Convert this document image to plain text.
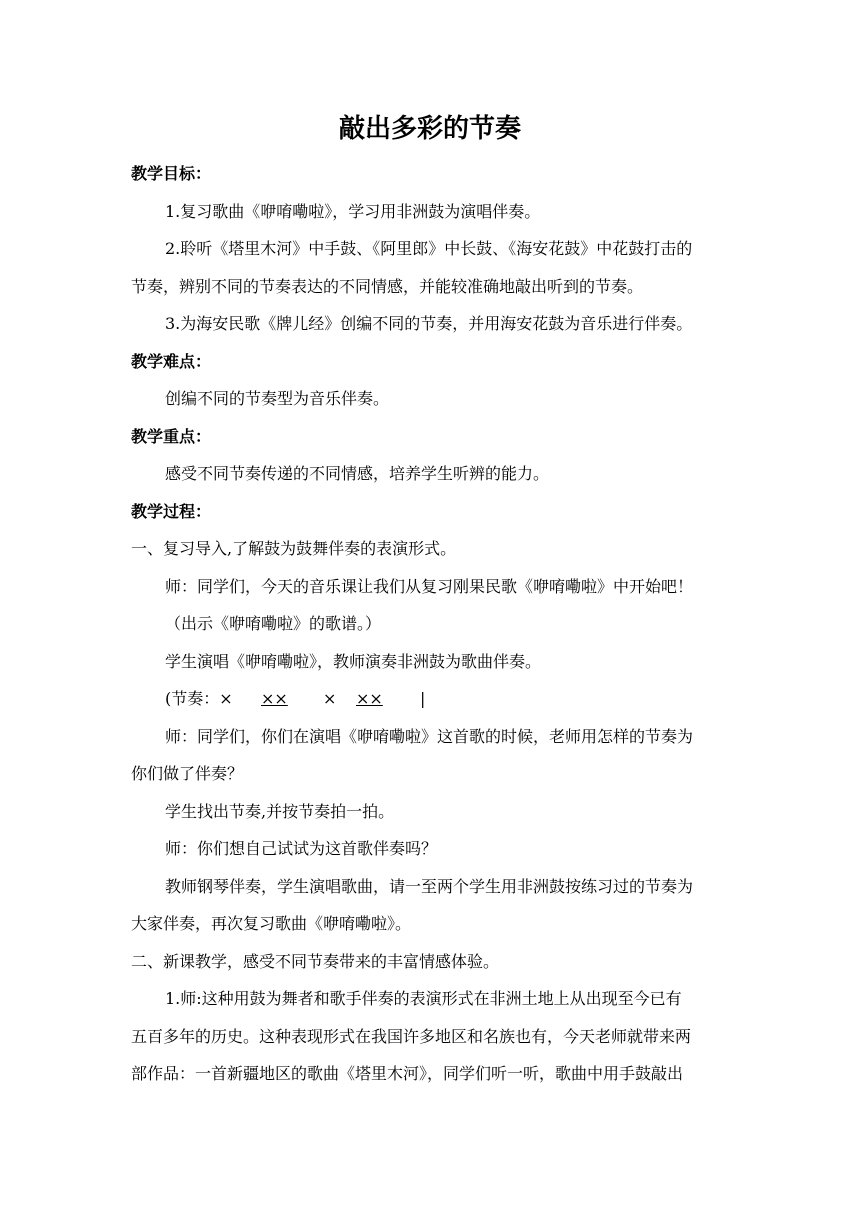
敲出多彩的节奏
教学目标：
1.复习歌曲《咿唷嘞啦》，学习用非洲鼓为演唱伴奏。
2.聆听《塔里木河》中手鼓、《阿里郎》中长鼓、《海安花鼓》中花鼓打击的
节奏，辨别不同的节奏表达的不同情感，并能较准确地敲出听到的节奏。
3.为海安民歌《牌儿经》创编不同的节奏，并用海安花鼓为音乐进行伴奏。
教学难点：
创编不同的节奏型为音乐伴奏。
教学重点：
感受不同节奏传递的不同情感，培养学生听辨的能力。
教学过程：
一、复习导入,了解鼓为鼓舞伴奏的表演形式。
师：同学们，今天的音乐课让我们从复习刚果民歌《咿唷嘞啦》中开始吧！
（出示《咿唷嘞啦》的歌谱。）
学生演唱《咿唷嘞啦》，教师演奏非洲鼓为歌曲伴奏。
(节奏：× ×× × ×× |
师：同学们，你们在演唱《咿唷嘞啦》这首歌的时候，老师用怎样的节奏为
你们做了伴奏？
学生找出节奏,并按节奏拍一拍。
师：你们想自己试试为这首歌伴奏吗？
教师钢琴伴奏，学生演唱歌曲，请一至两个学生用非洲鼓按练习过的节奏为
大家伴奏，再次复习歌曲《咿唷嘞啦》。
二、新课教学，感受不同节奏带来的丰富情感体验。
1.师:这种用鼓为舞者和歌手伴奏的表演形式在非洲土地上从出现至今已有
五百多年的历史。这种表现形式在我国许多地区和名族也有，今天老师就带来两
部作品：一首新疆地区的歌曲《塔里木河》，同学们听一听，歌曲中用手鼓敲出
